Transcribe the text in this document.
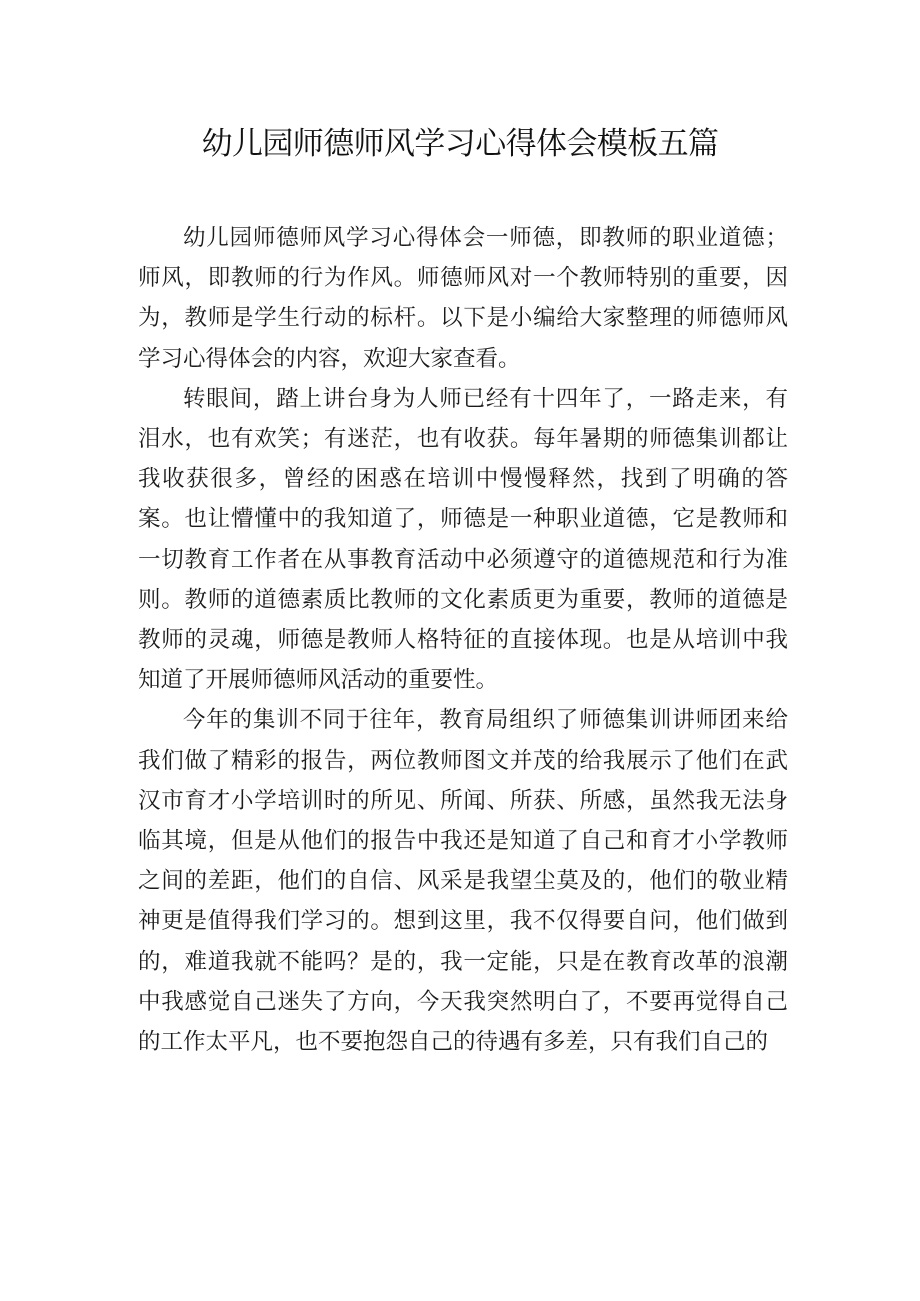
幼儿园师德师风学习心得体会模板五篇

幼儿园师德师风学习心得体会一师德，即教师的职业道德；师风，即教师的行为作风。师德师风对一个教师特别的重要，因为，教师是学生行动的标杆。以下是小编给大家整理的师德师风学习心得体会的内容，欢迎大家查看。

转眼间，踏上讲台身为人师已经有十四年了，一路走来，有泪水，也有欢笑；有迷茫，也有收获。每年暑期的师德集训都让我收获很多，曾经的困惑在培训中慢慢释然，找到了明确的答案。也让懵懂中的我知道了，师德是一种职业道德，它是教师和一切教育工作者在从事教育活动中必须遵守的道德规范和行为准则。教师的道德素质比教师的文化素质更为重要，教师的道德是教师的灵魂，师德是教师人格特征的直接体现。也是从培训中我知道了开展师德师风活动的重要性。

今年的集训不同于往年，教育局组织了师德集训讲师团来给我们做了精彩的报告，两位教师图文并茂的给我展示了他们在武汉市育才小学培训时的所见、所闻、所获、所感，虽然我无法身临其境，但是从他们的报告中我还是知道了自己和育才小学教师之间的差距，他们的自信、风采是我望尘莫及的，他们的敬业精神更是值得我们学习的。想到这里，我不仅得要自问，他们做到的，难道我就不能吗？是的，我一定能，只是在教育改革的浪潮中我感觉自己迷失了方向，今天我突然明白了，不要再觉得自己的工作太平凡，也不要抱怨自己的待遇有多差，只有我们自己的
